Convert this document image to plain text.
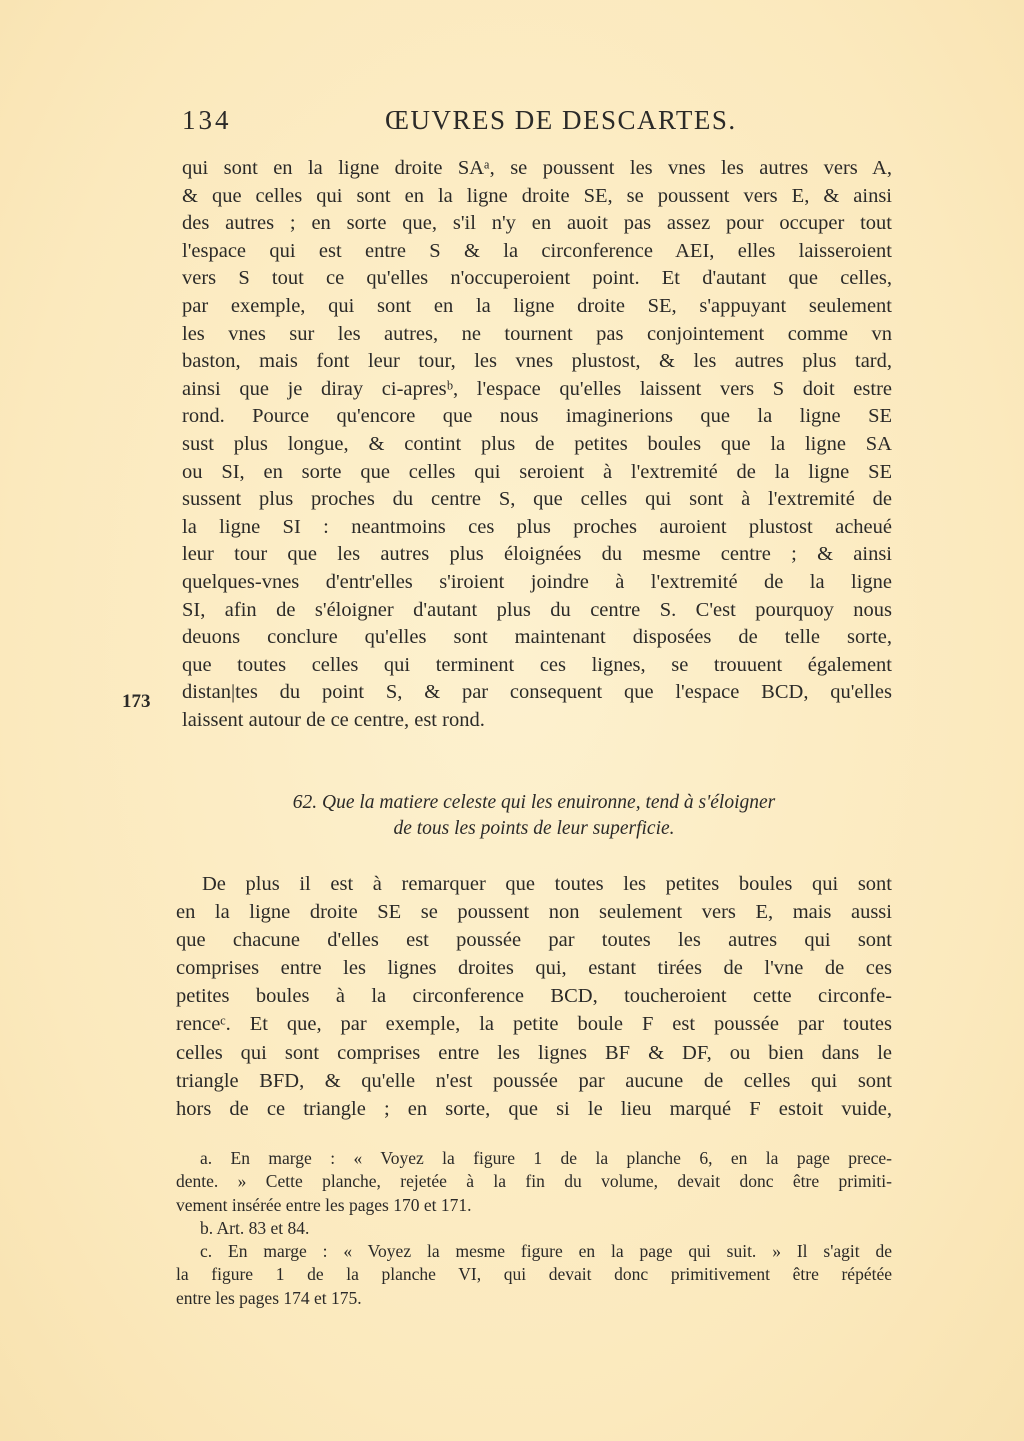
134	ŒUVRES DE DESCARTES.
173
qui sont en la ligne droite SAᵃ, se poussent les vnes les autres vers A,
& que celles qui sont en la ligne droite SE, se poussent vers E, & ainsi
des autres ; en sorte que, s'il n'y en auoit pas assez pour occuper tout
l'espace qui est entre S & la circonference AEI, elles laisseroient
vers S tout ce qu'elles n'occuperoient point. Et d'autant que celles,
par exemple, qui sont en la ligne droite SE, s'appuyant seulement
les vnes sur les autres, ne tournent pas conjointement comme vn
baston, mais font leur tour, les vnes plustost, & les autres plus tard,
ainsi que je diray ci-apresᵇ, l'espace qu'elles laissent vers S doit estre
rond. Pource qu'encore que nous imaginerions que la ligne SE
sust plus longue, & contint plus de petites boules que la ligne SA
ou SI, en sorte que celles qui seroient à l'extremité de la ligne SE
sussent plus proches du centre S, que celles qui sont à l'extremité de
la ligne SI : neantmoins ces plus proches auroient plustost acheué
leur tour que les autres plus éloignées du mesme centre ; & ainsi
quelques-vnes d'entr'elles s'iroient joindre à l'extremité de la ligne
SI, afin de s'éloigner d'autant plus du centre S. C'est pourquoy nous
deuons conclure qu'elles sont maintenant disposées de telle sorte,
que toutes celles qui terminent ces lignes, se trouuent également
distan|tes du point S, & par consequent que l'espace BCD, qu'elles
laissent autour de ce centre, est rond.
62. Que la matiere celeste qui les enuironne, tend à s'éloigner
de tous les points de leur superficie.
De plus il est à remarquer que toutes les petites boules qui sont
en la ligne droite SE se poussent non seulement vers E, mais aussi
que chacune d'elles est poussée par toutes les autres qui sont
comprises entre les lignes droites qui, estant tirées de l'vne de ces
petites boules à la circonference BCD, toucheroient cette circonfe-
renceᶜ. Et que, par exemple, la petite boule F est poussée par toutes
celles qui sont comprises entre les lignes BF & DF, ou bien dans le
triangle BFD, & qu'elle n'est poussée par aucune de celles qui sont
hors de ce triangle ; en sorte, que si le lieu marqué F estoit vuide,
a. En marge : « Voyez la figure 1 de la planche 6, en la page prece-
dente. » Cette planche, rejetée à la fin du volume, devait donc être primiti-
vement insérée entre les pages 170 et 171.
b. Art. 83 et 84.
c. En marge : « Voyez la mesme figure en la page qui suit. » Il s'agit de
la figure 1 de la planche VI, qui devait donc primitivement être répétée
entre les pages 174 et 175.
